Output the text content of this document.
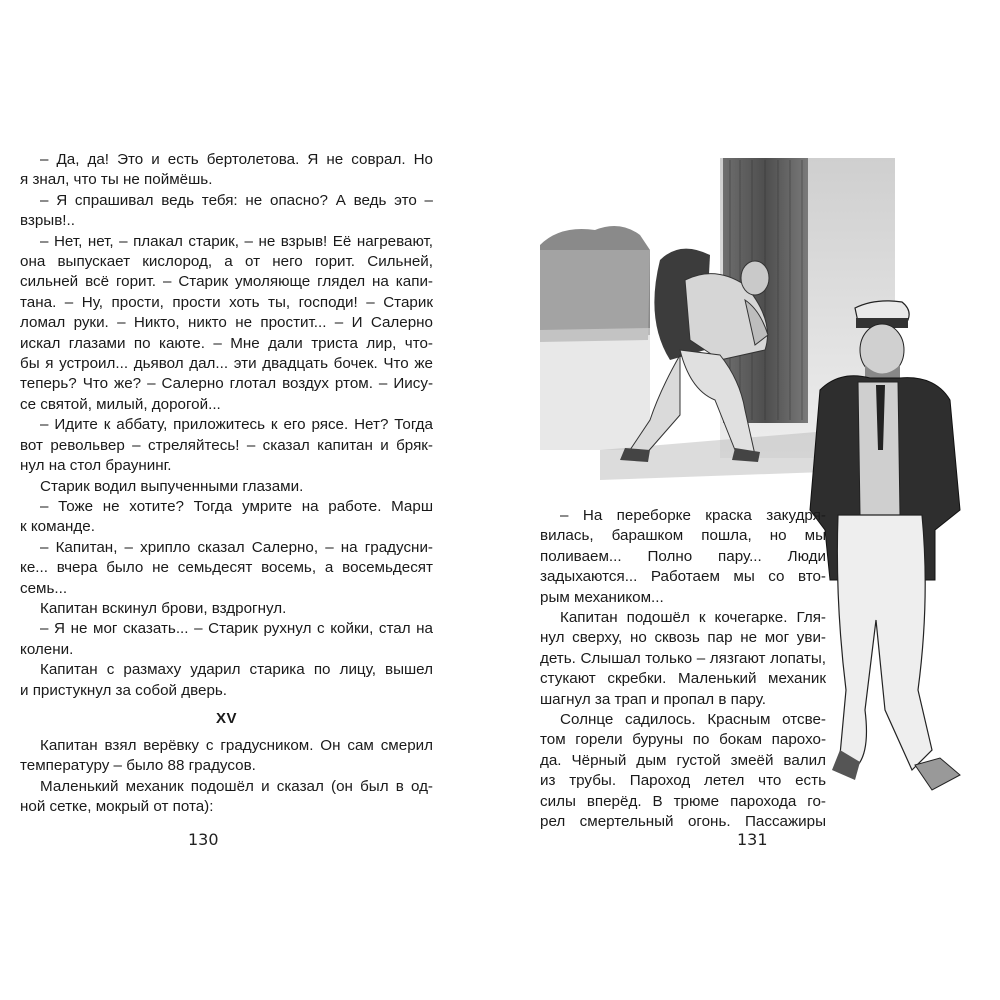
– Да, да! Это и есть бертолетова. Я не соврал. Но
я знал, что ты не поймёшь.
– Я спрашивал ведь тебя: не опасно? А ведь это –
взрыв!..
– Нет, нет, – плакал старик, – не взрыв! Её нагревают,
она выпускает кислород, а от него горит. Сильней,
сильней всё горит. – Старик умоляюще глядел на капи-
тана. – Ну, прости, прости хоть ты, господи! – Старик
ломал руки. – Никто, никто не простит... – И Салерно
искал глазами по каюте. – Мне дали триста лир, что-
бы я устроил... дьявол дал... эти двадцать бочек. Что же
теперь? Что же? – Салерно глотал воздух ртом. – Иису-
се святой, милый, дорогой...
– Идите к аббату, приложитесь к его рясе. Нет? Тогда
вот револьвер – стреляйтесь! – сказал капитан и бряк-
нул на стол браунинг.
Старик водил выпученными глазами.
– Тоже не хотите? Тогда умрите на работе. Марш
к команде.
– Капитан, – хрипло сказал Салерно, – на градусни-
ке... вчера было не семьдесят восемь, а восемьдесят
семь...
Капитан вскинул брови, вздрогнул.
– Я не мог сказать... – Старик рухнул с койки, стал на
колени.
Капитан с размаху ударил старика по лицу, вышел
и пристукнул за собой дверь.
XV
Капитан взял верёвку с градусником. Он сам смерил
температуру – было 88 градусов.
Маленький механик подошёл и сказал (он был в од-
ной сетке, мокрый от пота):
130
– На переборке краска закудря-
вилась, барашком пошла, но мы
поливаем... Полно пару... Люди
задыхаются... Работаем мы со вто-
рым механиком...
Капитан подошёл к кочегарке. Гля-
нул сверху, но сквозь пар не мог уви-
деть. Слышал только – лязгают лопаты,
стукают скребки. Маленький механик
шагнул за трап и пропал в пару.
Солнце садилось. Красным отсве-
том горели буруны по бокам парохо-
да. Чёрный дым густой змеёй валил
из трубы. Пароход летел что есть
силы вперёд. В трюме парохода го-
рел смертельный огонь. Пассажиры
131
